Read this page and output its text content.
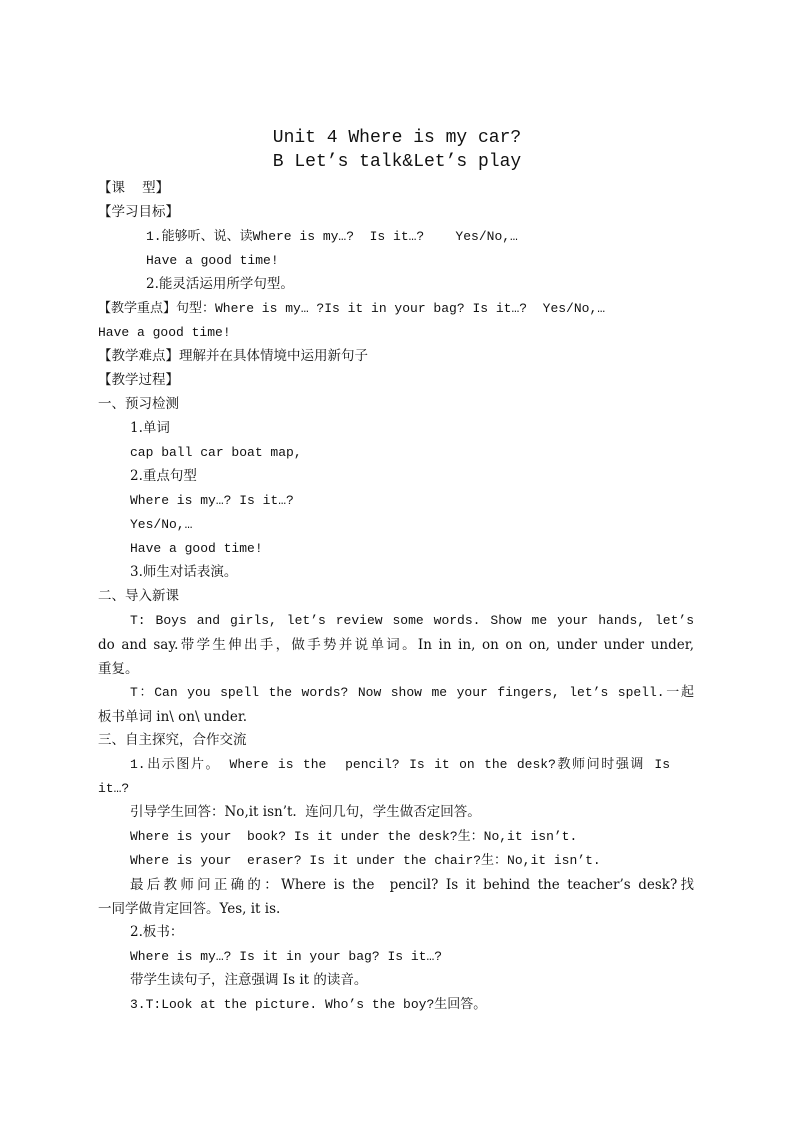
Unit 4 Where is my car?
B Let’s talk&Let’s play
【课    型】
【学习目标】
1.能够听、说、读Where is my…?  Is it…?    Yes/No,…
Have a good time!
2.能灵活运用所学句型。
【教学重点】句型：Where is my… ?Is it in your bag? Is it…?  Yes/No,…
Have a good time!
【教学难点】理解并在具体情境中运用新句子
【教学过程】
一、预习检测
1.单词
cap ball car boat map,
2.重点句型
Where is my…? Is it…?
Yes/No,…
Have a good time!
3.师生对话表演。
二、导入新课
T: Boys and girls, let’s review some words. Show me your hands, let’s
do and say.带学生伸出手，做手势并说单词。In in in, on on on, under under under,
重复。
T：Can you spell the words? Now show me your fingers, let’s spell.一起
板书单词 in\ on\ under.
三、自主探究，合作交流
1.出示图片。 Where is the  pencil? Is it on the desk?教师问时强调 Is
it…?
引导学生回答：No,it isn’t.  连问几句，学生做否定回答。
Where is your  book? Is it under the desk?生：No,it isn’t.
Where is your  eraser? Is it under the chair?生：No,it isn’t.
最后教师问正确的：Where is the  pencil? Is it behind the teacher’s desk?找
一同学做肯定回答。Yes, it is.
2.板书：
Where is my…? Is it in your bag? Is it…?
带学生读句子，注意强调 Is it 的读音。
3.T:Look at the picture. Who’s the boy?生回答。
